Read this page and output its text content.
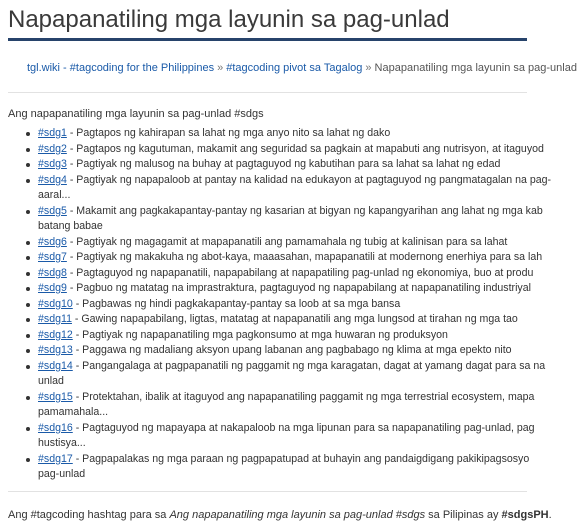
Napapanatiling mga layunin sa pag-unlad
tgl.wiki - #tagcoding for the Philippines » #tagcoding pivot sa Tagalog » Napapanatiling mga layunin sa pag-unlad

Ang napapanatiling mga layunin sa pag-unlad #sdgs

#sdg1 - Pagtapos ng kahirapan sa lahat ng mga anyo nito sa lahat ng dako
#sdg2 - Pagtapos ng kagutuman, makamit ang seguridad sa pagkain at mapabuti ang nutrisyon, at itaguyod
#sdg3 - Pagtiyak ng malusog na buhay at pagtaguyod ng kabutihan para sa lahat sa lahat ng edad
#sdg4 - Pagtiyak ng napapaloob at pantay na kalidad na edukayon at pagtaguyod ng pangmatagalan na pag-
aaral...
#sdg5 - Makamit ang pagkakapantay-pantay ng kasarian at bigyan ng kapangyarihan ang lahat ng mga kab
batang babae
#sdg6 - Pagtiyak ng magagamit at mapapanatili ang pamamahala ng tubig at kalinisan para sa lahat
#sdg7 - Pagtiyak ng makakuha ng abot-kaya, maaasahan, mapapanatili at modernong enerhiya para sa lah
#sdg8 - Pagtaguyod ng napapanatili, napapabilang at napapatiling pag-unlad ng ekonomiya, buo at produ
#sdg9 - Pagbuo ng matatag na imprastraktura, pagtaguyod ng napapabilang at napapanatiling industriyal
#sdg10 - Pagbawas ng hindi pagkakapantay-pantay sa loob at sa mga bansa
#sdg11 - Gawing napapabilang, ligtas, matatag at napapanatili ang mga lungsod at tirahan ng mga tao
#sdg12 - Pagtiyak ng napapanatiling mga pagkonsumo at mga huwaran ng produksyon
#sdg13 - Paggawa ng madaliang aksyon upang labanan ang pagbabago ng klima at mga epekto nito
#sdg14 - Pangangalaga at pagpapanatili ng paggamit ng mga karagatan, dagat at yamang dagat para sa na
unlad
#sdg15 - Protektahan, ibalik at itaguyod ang napapanatiling paggamit ng mga terrestrial ecosystem, mapa
pamamahala...
#sdg16 - Pagtaguyod ng mapayapa at nakapaloob na mga lipunan para sa napapanatiling pag-unlad, pag
hustisya...
#sdg17 - Pagpapalakas ng mga paraan ng pagpapatupad at buhayin ang pandaigdigang pakikipagsosyo
pag-unlad

Ang #tagcoding hashtag para sa Ang napapanatiling mga layunin sa pag-unlad #sdgs sa Pilipinas ay #sdgsPH.
